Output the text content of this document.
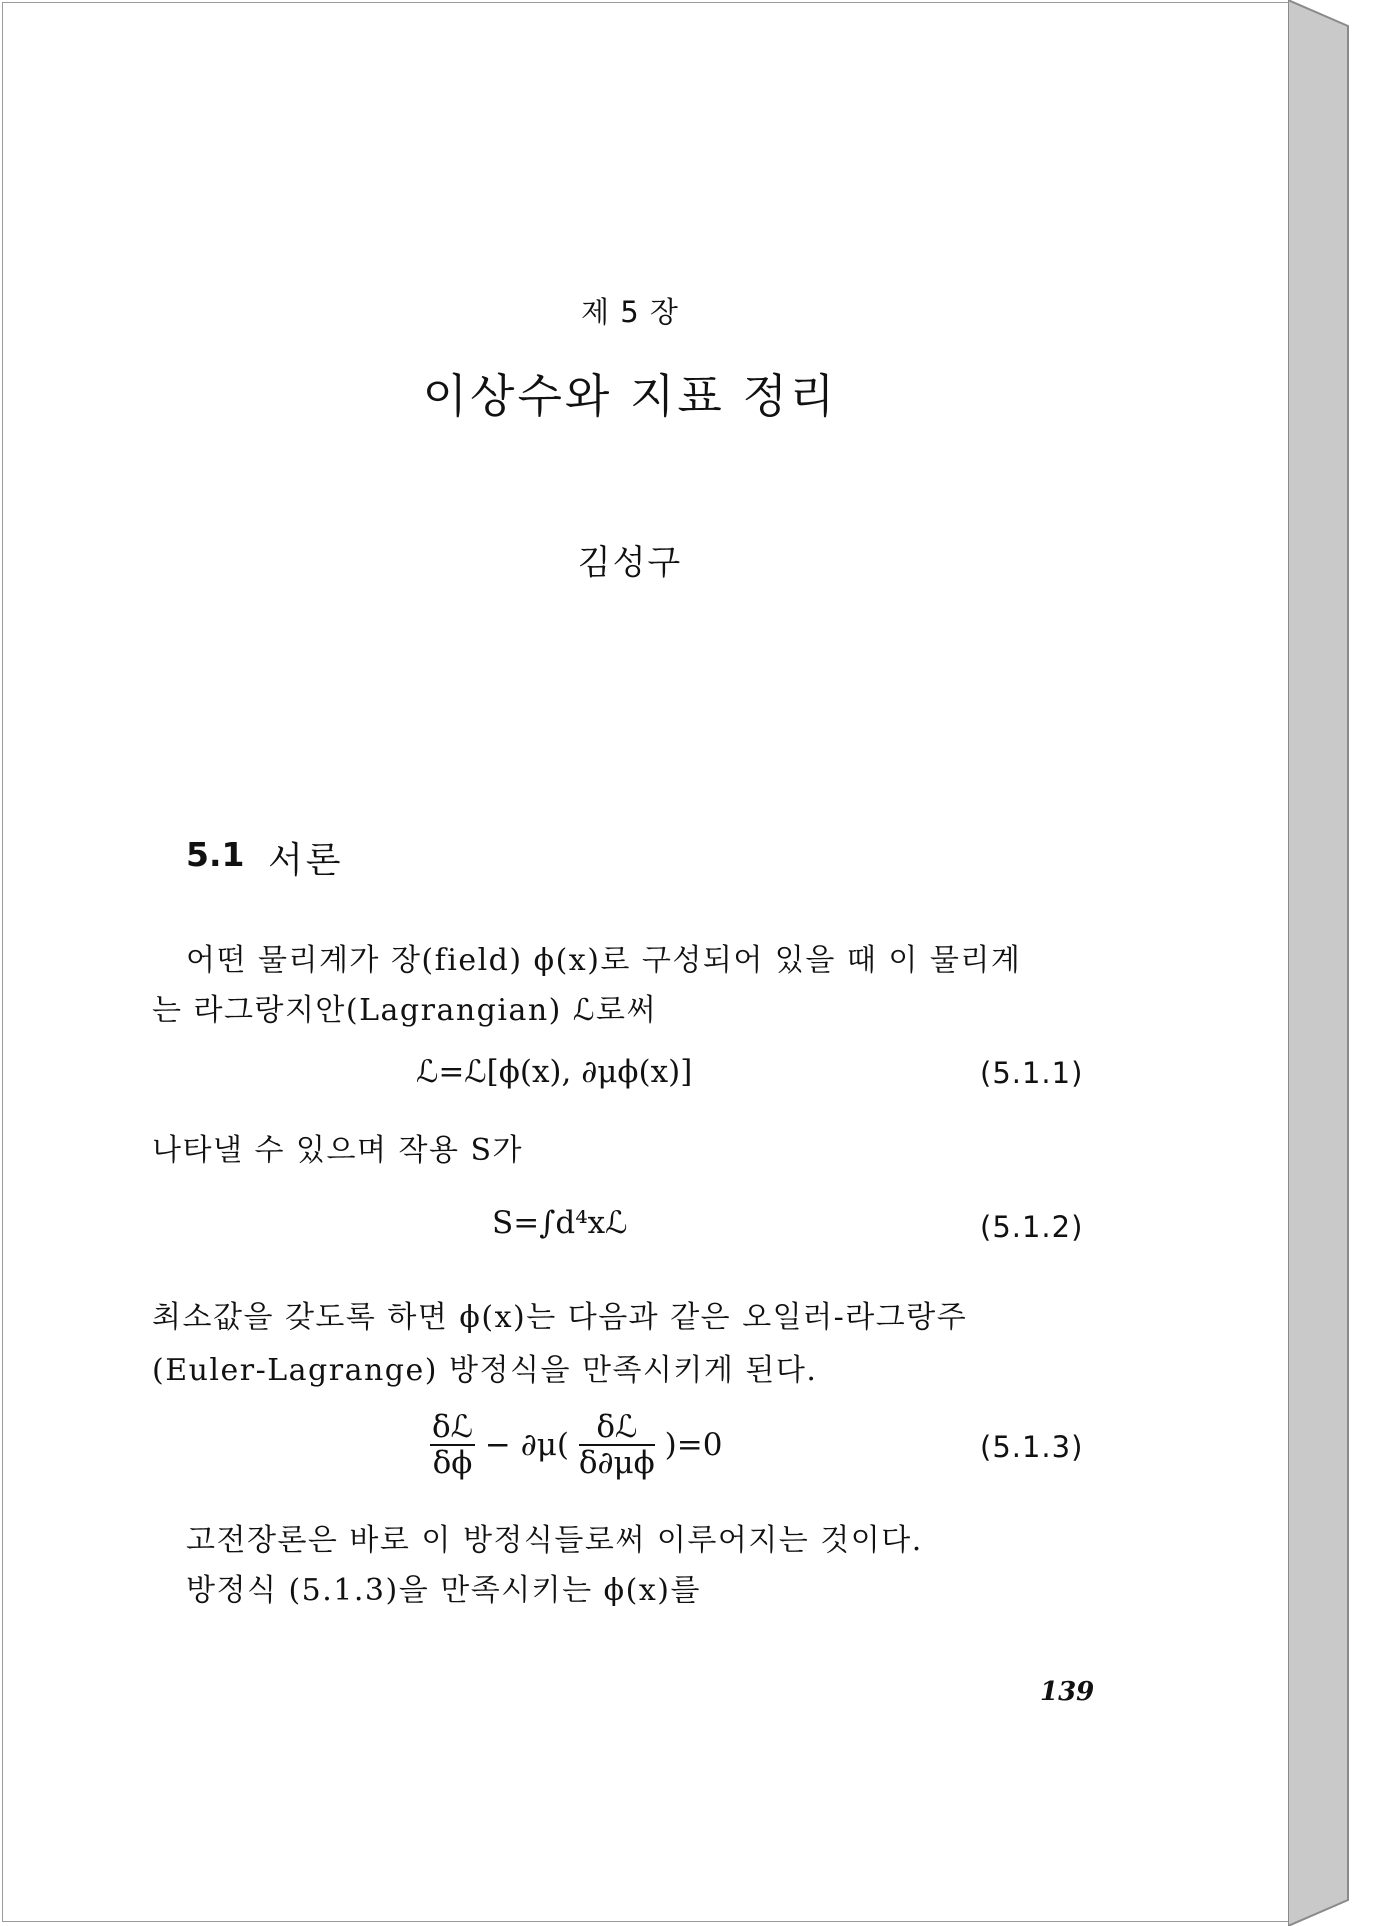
제 5 장
이상수와 지표 정리
김성구
5.1 서론
어떤 물리계가 장(field) ϕ(x)로 구성되어 있을 때 이 물리계
는 라그랑지안(Lagrangian) ℒ로써
ℒ=ℒ[ϕ(x), ∂μϕ(x)]	(5.1.1)
나타낼 수 있으며 작용 S가
S=∫d⁴xℒ	(5.1.2)
최소값을 갖도록 하면 ϕ(x)는 다음과 같은 오일러-라그랑주
(Euler-Lagrange) 방정식을 만족시키게 된다.
$\frac{\text{δℒ}}{\delta\phi} - \partial\mu( \frac{\text{δℒ}}{\delta\partial\mu\phi} )=0$	(5.1.3)
고전장론은 바로 이 방정식들로써 이루어지는 것이다.
방정식 (5.1.3)을 만족시키는 ϕ(x)를
139
